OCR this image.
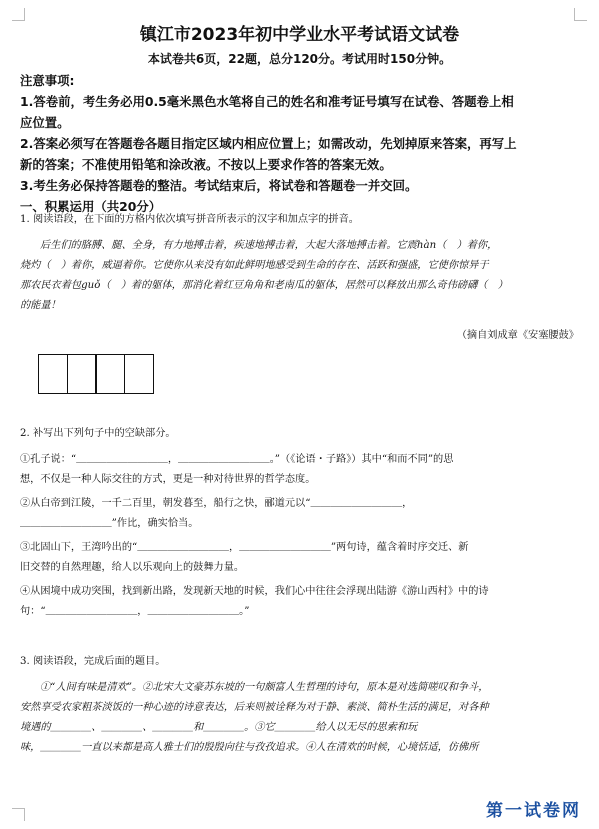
镇江市2023年初中学业水平考试语文试卷
本试卷共6页，22题，总分120分。考试用时150分钟。
注意事项:
1.答卷前，考生务必用0.5毫米黑色水笔将自己的姓名和准考证号填写在试卷、答题卷上相
应位置。
2.答案必须写在答题卷各题目指定区域内相应位置上；如需改动，先划掉原来答案，再写上
新的答案；不准使用铅笔和涂改液。不按以上要求作答的答案无效。
3.考生务必保持答题卷的整洁。考试结束后，将试卷和答题卷一并交回。
一、积累运用（共20分）
1. 阅读语段，在下面的方格内依次填写拼音所表示的汉字和加点字的拼音。
后生们的胳膊、腿、全身，有力地搏击着，疾速地搏击着，大起大落地搏击着。它震hàn（　）着你，
烧灼（　）着你，威逼着你。它使你从来没有如此鲜明地感受到生命的存在、活跃和强盛，它使你惊异于
那农民衣着包guǒ（　）着的躯体，那消化着红豆角角和老南瓜的躯体，居然可以释放出那么奇伟磅礴（　）
的能量！
（摘自刘成章《安塞腰鼓》
2. 补写出下列句子中的空缺部分。
①孔子说：“＿＿＿＿＿＿＿＿＿，＿＿＿＿＿＿＿＿＿。”（《论语・子路》）其中“和而不同”的思
想，不仅是一种人际交往的方式，更是一种对待世界的哲学态度。
②从白帝到江陵，一千二百里，朝发暮至，船行之快，郦道元以“＿＿＿＿＿＿＿＿＿，
＿＿＿＿＿＿＿＿＿”作比，确实恰当。
③北固山下，王湾吟出的“＿＿＿＿＿＿＿＿＿，＿＿＿＿＿＿＿＿＿”两句诗，蕴含着时序交迁、新
旧交替的自然理趣，给人以乐观向上的鼓舞力量。
④从困境中成功突围，找到新出路，发现新天地的时候，我们心中往往会浮现出陆游《游山西村》中的诗
句：“＿＿＿＿＿＿＿＿＿，＿＿＿＿＿＿＿＿＿。”
3. 阅读语段，完成后面的题目。
①“人间有味是清欢”。②北宋大文豪苏东坡的一句颇富人生哲理的诗句，原本是对选简嗟叹和争斗，
安然享受农家粗茶淡饭的一种心迹的诗意表达，后来则被诠释为对于静、素淡、简朴生活的满足，对各种
境遇的＿＿＿＿、＿＿＿＿、＿＿＿＿和＿＿＿＿。③它＿＿＿＿给人以无尽的思索和玩
味，＿＿＿＿一直以来都是高人雅士们的殷殷向往与孜孜追求。④人在清欢的时候，心境恬适，仿佛所
第一试卷网
